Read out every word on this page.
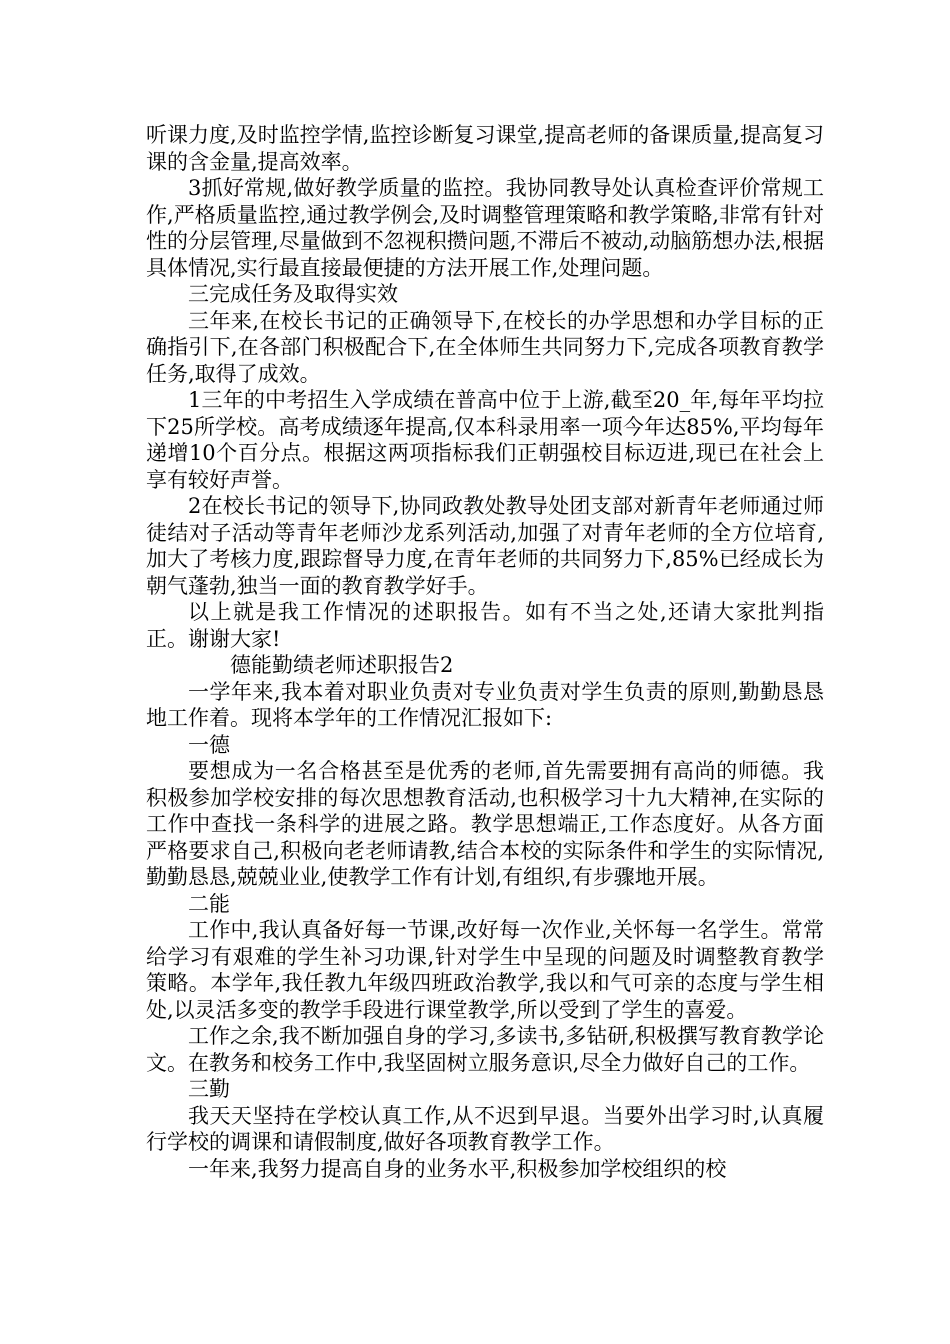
听课力度,及时监控学情,监控诊断复习课堂,提高老师的备课质量,提高复习课的含金量,提高效率。

3抓好常规,做好教学质量的监控。我协同教导处认真检查评价常规工作,严格质量监控,通过教学例会,及时调整管理策略和教学策略,非常有针对性的分层管理,尽量做到不忽视积攒问题,不滞后不被动,动脑筋想办法,根据具体情况,实行最直接最便捷的方法开展工作,处理问题。

三完成任务及取得实效

三年来,在校长书记的正确领导下,在校长的办学思想和办学目标的正确指引下,在各部门积极配合下,在全体师生共同努力下,完成各项教育教学任务,取得了成效。

1三年的中考招生入学成绩在普高中位于上游,截至20_年,每年平均拉下25所学校。高考成绩逐年提高,仅本科录用率一项今年达85%,平均每年递增10个百分点。根据这两项指标我们正朝强校目标迈进,现已在社会上享有较好声誉。

2在校长书记的领导下,协同政教处教导处团支部对新青年老师通过师徒结对子活动等青年老师沙龙系列活动,加强了对青年老师的全方位培育,加大了考核力度,跟踪督导力度,在青年老师的共同努力下,85%已经成长为朝气蓬勃,独当一面的教育教学好手。

以上就是我工作情况的述职报告。如有不当之处,还请大家批判指正。谢谢大家!

德能勤绩老师述职报告2

一学年来,我本着对职业负责对专业负责对学生负责的原则,勤勤恳恳地工作着。现将本学年的工作情况汇报如下:

一德

要想成为一名合格甚至是优秀的老师,首先需要拥有高尚的师德。我积极参加学校安排的每次思想教育活动,也积极学习十九大精神,在实际的工作中查找一条科学的进展之路。教学思想端正,工作态度好。从各方面严格要求自己,积极向老老师请教,结合本校的实际条件和学生的实际情况,勤勤恳恳,兢兢业业,使教学工作有计划,有组织,有步骤地开展。

二能

工作中,我认真备好每一节课,改好每一次作业,关怀每一名学生。常常给学习有艰难的学生补习功课,针对学生中呈现的问题及时调整教育教学策略。本学年,我任教九年级四班政治教学,我以和气可亲的态度与学生相处,以灵活多变的教学手段进行课堂教学,所以受到了学生的喜爱。

工作之余,我不断加强自身的学习,多读书,多钻研,积极撰写教育教学论文。在教务和校务工作中,我坚固树立服务意识,尽全力做好自己的工作。

三勤

我天天坚持在学校认真工作,从不迟到早退。当要外出学习时,认真履行学校的调课和请假制度,做好各项教育教学工作。

一年来,我努力提高自身的业务水平,积极参加学校组织的校
